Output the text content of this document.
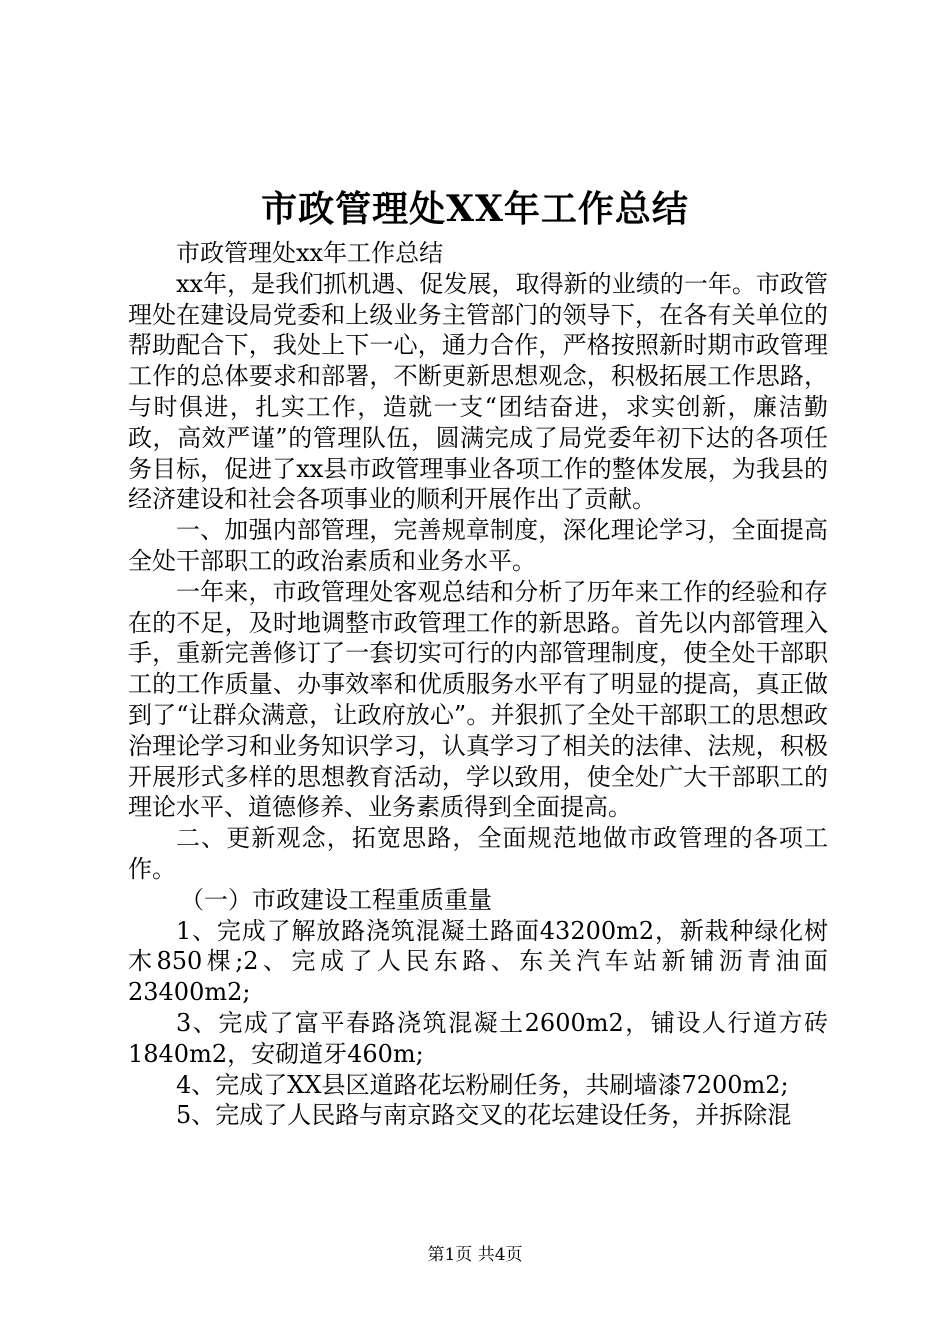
市政管理处XX年工作总结

市政管理处xx年工作总结

xx年，是我们抓机遇、促发展，取得新的业绩的一年。市政管理处在建设局党委和上级业务主管部门的领导下，在各有关单位的帮助配合下，我处上下一心，通力合作，严格按照新时期市政管理工作的总体要求和部署，不断更新思想观念，积极拓展工作思路，与时俱进，扎实工作，造就一支“团结奋进，求实创新，廉洁勤政，高效严谨”的管理队伍，圆满完成了局党委年初下达的各项任务目标，促进了xx县市政管理事业各项工作的整体发展，为我县的经济建设和社会各项事业的顺利开展作出了贡献。

一、加强内部管理，完善规章制度，深化理论学习，全面提高全处干部职工的政治素质和业务水平。

一年来，市政管理处客观总结和分析了历年来工作的经验和存在的不足，及时地调整市政管理工作的新思路。首先以内部管理入手，重新完善修订了一套切实可行的内部管理制度，使全处干部职工的工作质量、办事效率和优质服务水平有了明显的提高，真正做到了“让群众满意，让政府放心”。并狠抓了全处干部职工的思想政治理论学习和业务知识学习，认真学习了相关的法律、法规，积极开展形式多样的思想教育活动，学以致用，使全处广大干部职工的理论水平、道德修养、业务素质得到全面提高。

二、更新观念，拓宽思路，全面规范地做市政管理的各项工作。

（一）市政建设工程重质重量

1、完成了解放路浇筑混凝土路面43200m2，新栽种绿化树木850棵;2、完成了人民东路、东关汽车站新铺沥青油面23400m2;

3、完成了富平春路浇筑混凝土2600m2，铺设人行道方砖1840m2，安砌道牙460m;

4、完成了XX县区道路花坛粉刷任务，共刷墙漆7200m2;

5、完成了人民路与南京路交叉的花坛建设任务，并拆除混

第1页 共4页
